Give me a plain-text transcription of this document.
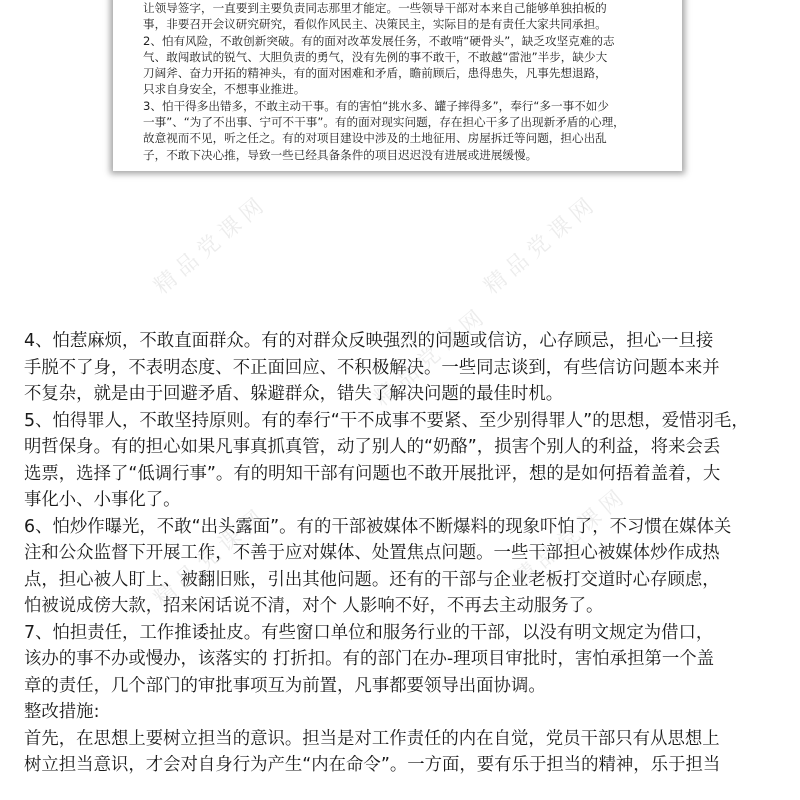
让领导签字，一直要到主要负责同志那里才能定。一些领导干部对本来自己能够单独拍板的

事，非要召开会议研究研究，看似作风民主、决策民主，实际目的是有责任大家共同承担。

2、怕有风险，不敢创新突破。有的面对改革发展任务，不敢啃“硬骨头”，缺乏攻坚克难的志

气、敢闯敢试的锐气、大胆负责的勇气，没有先例的事不敢干，不敢越“雷池”半步，缺少大

刀阔斧、奋力开拓的精神头，有的面对困难和矛盾，瞻前顾后，患得患失，凡事先想退路，

只求自身安全，不想事业推进。

3、怕干得多出错多，不敢主动干事。有的害怕“挑水多、罐子摔得多”，奉行“多一事不如少

一事”、“为了不出事、宁可不干事”。有的面对现实问题，存在担心干多了出现新矛盾的心理，

故意视而不见，听之任之。有的对项目建设中涉及的土地征用、房屋拆迁等问题，担心出乱

子，不敢下决心推，导致一些已经具备条件的项目迟迟没有进展或进展缓慢。

精品党课网	精品党课网
精品党课网
精品党课网	精品党课网

4、怕惹麻烦，不敢直面群众。有的对群众反映强烈的问题或信访，心存顾忌，担心一旦接

手脱不了身，不表明态度、不正面回应、不积极解决。一些同志谈到，有些信访问题本来并

不复杂，就是由于回避矛盾、躲避群众，错失了解决问题的最佳时机。

5、怕得罪人，不敢坚持原则。有的奉行“干不成事不要紧、至少别得罪人”的思想，爱惜羽毛，

明哲保身。有的担心如果凡事真抓真管，动了别人的“奶酪”，损害个别人的利益，将来会丢

选票，选择了“低调行事”。有的明知干部有问题也不敢开展批评，想的是如何捂着盖着，大

事化小、小事化了。

6、怕炒作曝光，不敢“出头露面”。有的干部被媒体不断爆料的现象吓怕了，不习惯在媒体关

注和公众监督下开展工作，不善于应对媒体、处置焦点问题。一些干部担心被媒体炒作成热

点，担心被人盯上、被翻旧账，引出其他问题。还有的干部与企业老板打交道时心存顾虑，

怕被说成傍大款，招来闲话说不清，对个 人影响不好，不再去主动服务了。

7、怕担责任，工作推诿扯皮。有些窗口单位和服务行业的干部，以没有明文规定为借口，

该办的事不办或慢办，该落实的 打折扣。有的部门在办-理项目审批时，害怕承担第一个盖

章的责任，几个部门的审批事项互为前置，凡事都要领导出面协调。

整改措施:

首先，在思想上要树立担当的意识。担当是对工作责任的内在自觉，党员干部只有从思想上

树立担当意识，才会对自身行为产生“内在命令”。一方面，要有乐于担当的精神，乐于担当
